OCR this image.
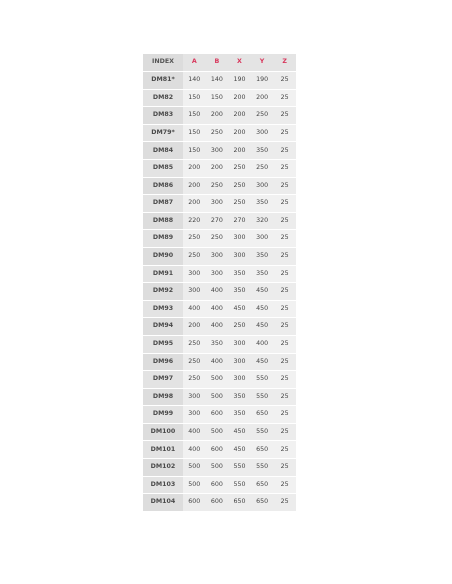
INDEX	A	B	X	Y	Z
DM81*	140	140	190	190	25
DM82	150	150	200	200	25
DM83	150	200	200	250	25
DM79*	150	250	200	300	25
DM84	150	300	200	350	25
DM85	200	200	250	250	25
DM86	200	250	250	300	25
DM87	200	300	250	350	25
DM88	220	270	270	320	25
DM89	250	250	300	300	25
DM90	250	300	300	350	25
DM91	300	300	350	350	25
DM92	300	400	350	450	25
DM93	400	400	450	450	25
DM94	200	400	250	450	25
DM95	250	350	300	400	25
DM96	250	400	300	450	25
DM97	250	500	300	550	25
DM98	300	500	350	550	25
DM99	300	600	350	650	25
DM100	400	500	450	550	25
DM101	400	600	450	650	25
DM102	500	500	550	550	25
DM103	500	600	550	650	25
DM104	600	600	650	650	25
